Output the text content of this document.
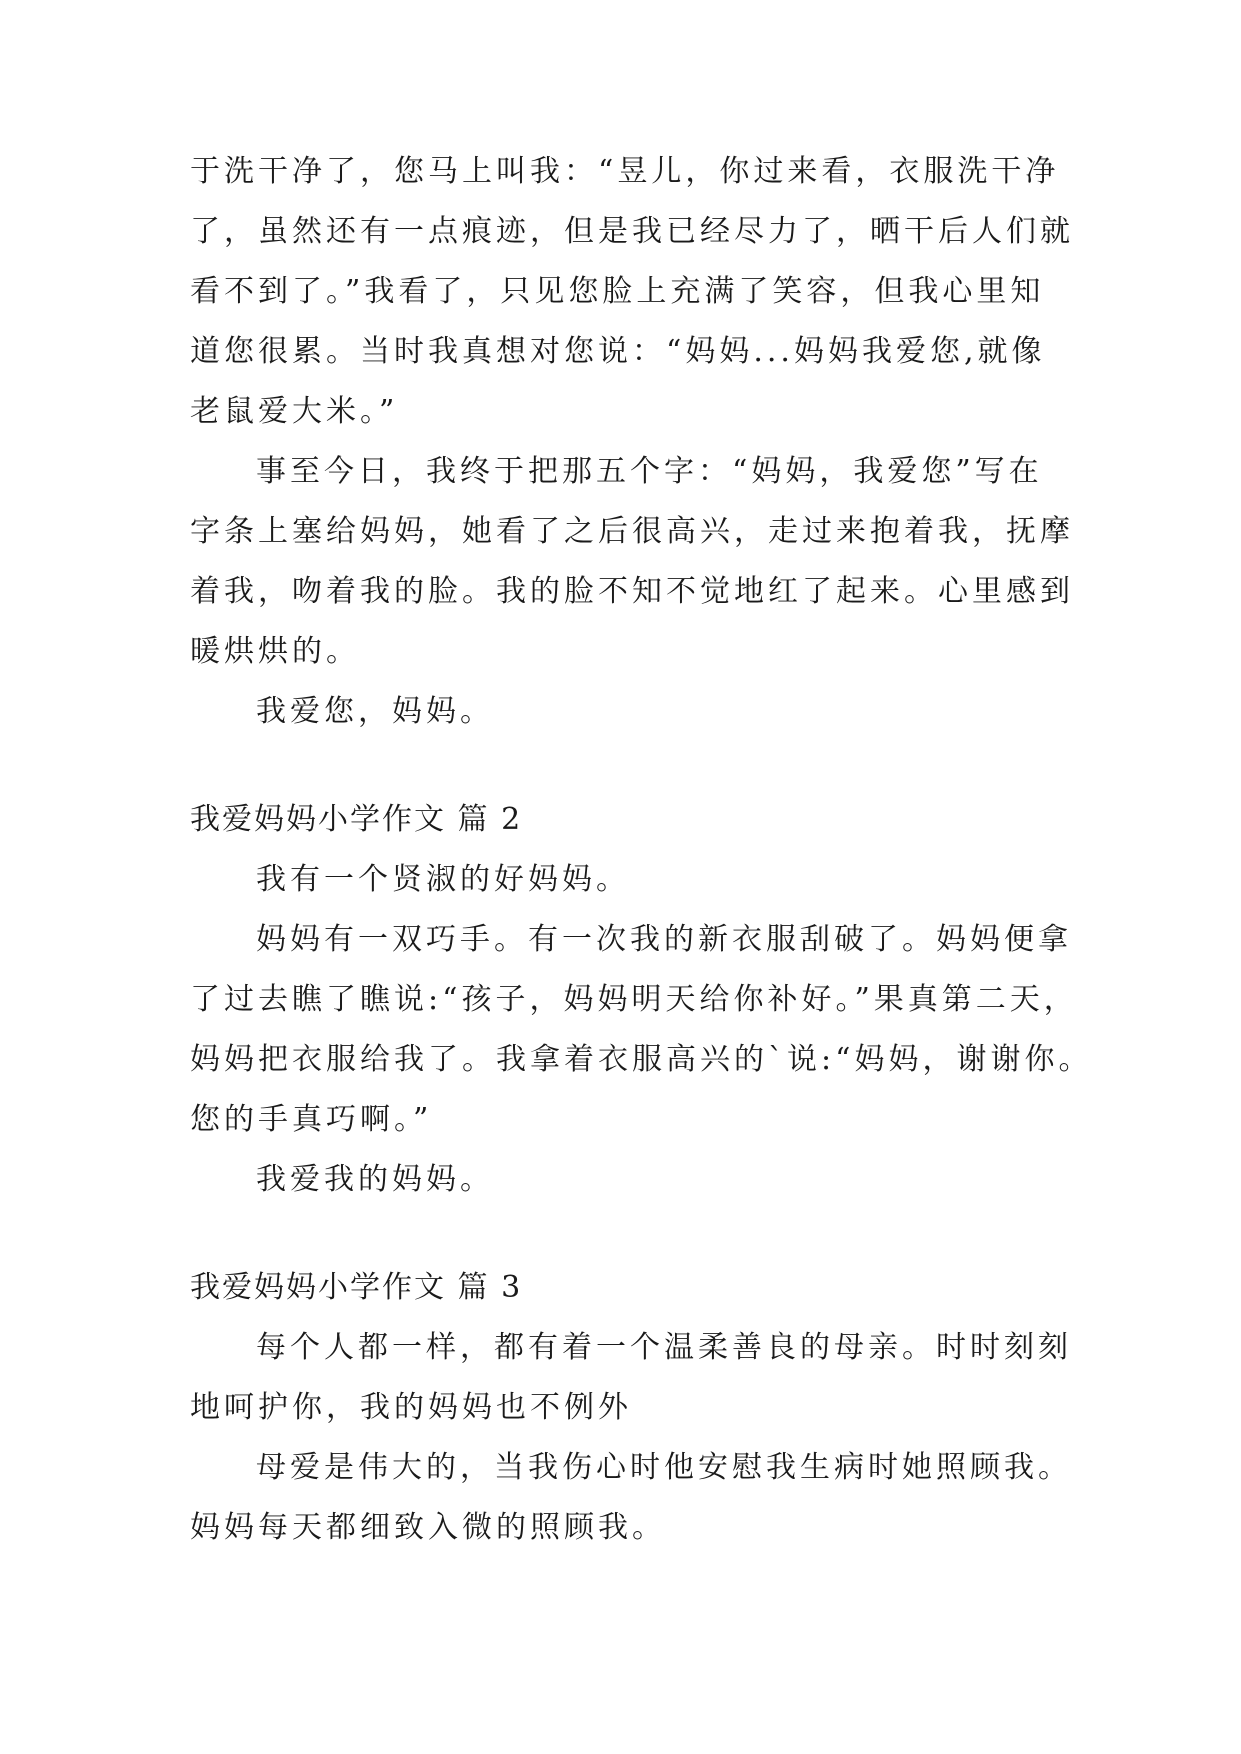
于洗干净了，您马上叫我：“昱儿，你过来看，衣服洗干净

了，虽然还有一点痕迹，但是我已经尽力了，晒干后人们就

看不到了。”我看了，只见您脸上充满了笑容，但我心里知

道您很累。当时我真想对您说：“妈妈...妈妈我爱您,就像

老鼠爱大米。”

事至今日，我终于把那五个字：“妈妈，我爱您”写在

字条上塞给妈妈，她看了之后很高兴，走过来抱着我，抚摩

着我，吻着我的脸。我的脸不知不觉地红了起来。心里感到

暖烘烘的。

我爱您，妈妈。

我爱妈妈小学作文 篇 2

我有一个贤淑的好妈妈。

妈妈有一双巧手。有一次我的新衣服刮破了。妈妈便拿

了过去瞧了瞧说:“孩子，妈妈明天给你补好。”果真第二天，

妈妈把衣服给我了。我拿着衣服高兴的`说:“妈妈，谢谢你。

您的手真巧啊。”

我爱我的妈妈。

我爱妈妈小学作文 篇 3

每个人都一样，都有着一个温柔善良的母亲。时时刻刻

地呵护你，我的妈妈也不例外

母爱是伟大的，当我伤心时他安慰我生病时她照顾我。

妈妈每天都细致入微的照顾我。
